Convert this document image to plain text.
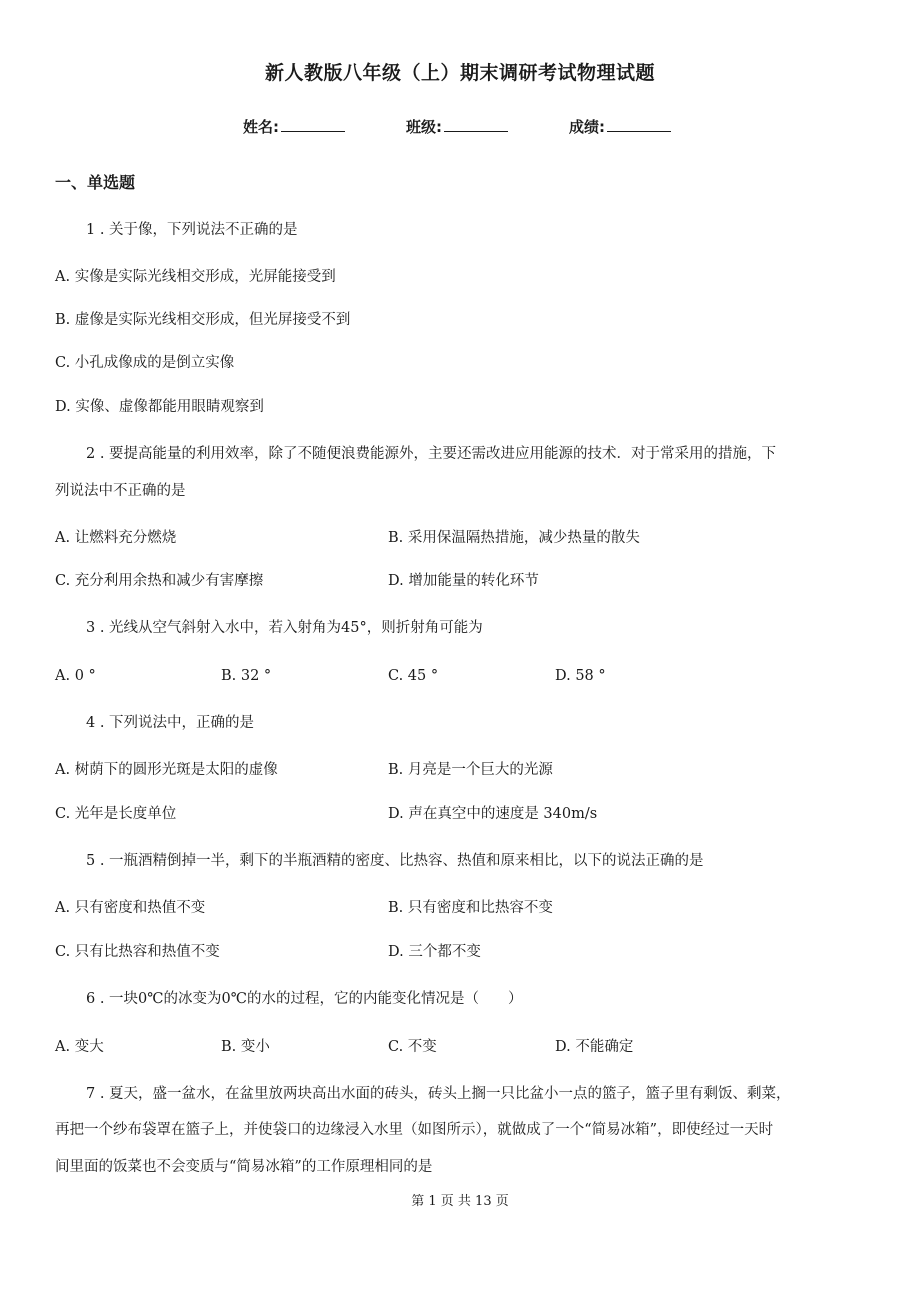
新人教版八年级（上）期末调研考试物理试题
姓名:	班级:	成绩:
一、单选题
1 . 关于像，下列说法不正确的是
A. 实像是实际光线相交形成，光屏能接受到
B. 虚像是实际光线相交形成，但光屏接受不到
C. 小孔成像成的是倒立实像
D. 实像、虚像都能用眼睛观察到
2 . 要提高能量的利用效率，除了不随便浪费能源外，主要还需改进应用能源的技术．对于常采用的措施，下
列说法中不正确的是
A. 让燃料充分燃烧	B. 采用保温隔热措施，减少热量的散失
C. 充分利用余热和减少有害摩擦	D. 增加能量的转化环节
3 . 光线从空气斜射入水中，若入射角为45°，则折射角可能为
A. 0 °	B. 32 °	C. 45 °	D. 58 °
4 . 下列说法中，正确的是
A. 树荫下的圆形光斑是太阳的虚像	B. 月亮是一个巨大的光源
C. 光年是长度单位	D. 声在真空中的速度是 340m/s
5 . 一瓶酒精倒掉一半，剩下的半瓶酒精的密度、比热容、热值和原来相比，以下的说法正确的是
A. 只有密度和热值不变	B. 只有密度和比热容不变
C. 只有比热容和热值不变	D. 三个都不变
6 . 一块0℃的冰变为0℃的水的过程，它的内能变化情况是（　　）
A. 变大	B. 变小	C. 不变	D. 不能确定
7 . 夏天，盛一盆水，在盆里放两块高出水面的砖头，砖头上搁一只比盆小一点的篮子，篮子里有剩饭、剩菜，
再把一个纱布袋罩在篮子上，并使袋口的边缘浸入水里（如图所示），就做成了一个“简易冰箱”，即使经过一天时
间里面的饭菜也不会变质与“简易冰箱”的工作原理相同的是
第 1 页 共 13 页
